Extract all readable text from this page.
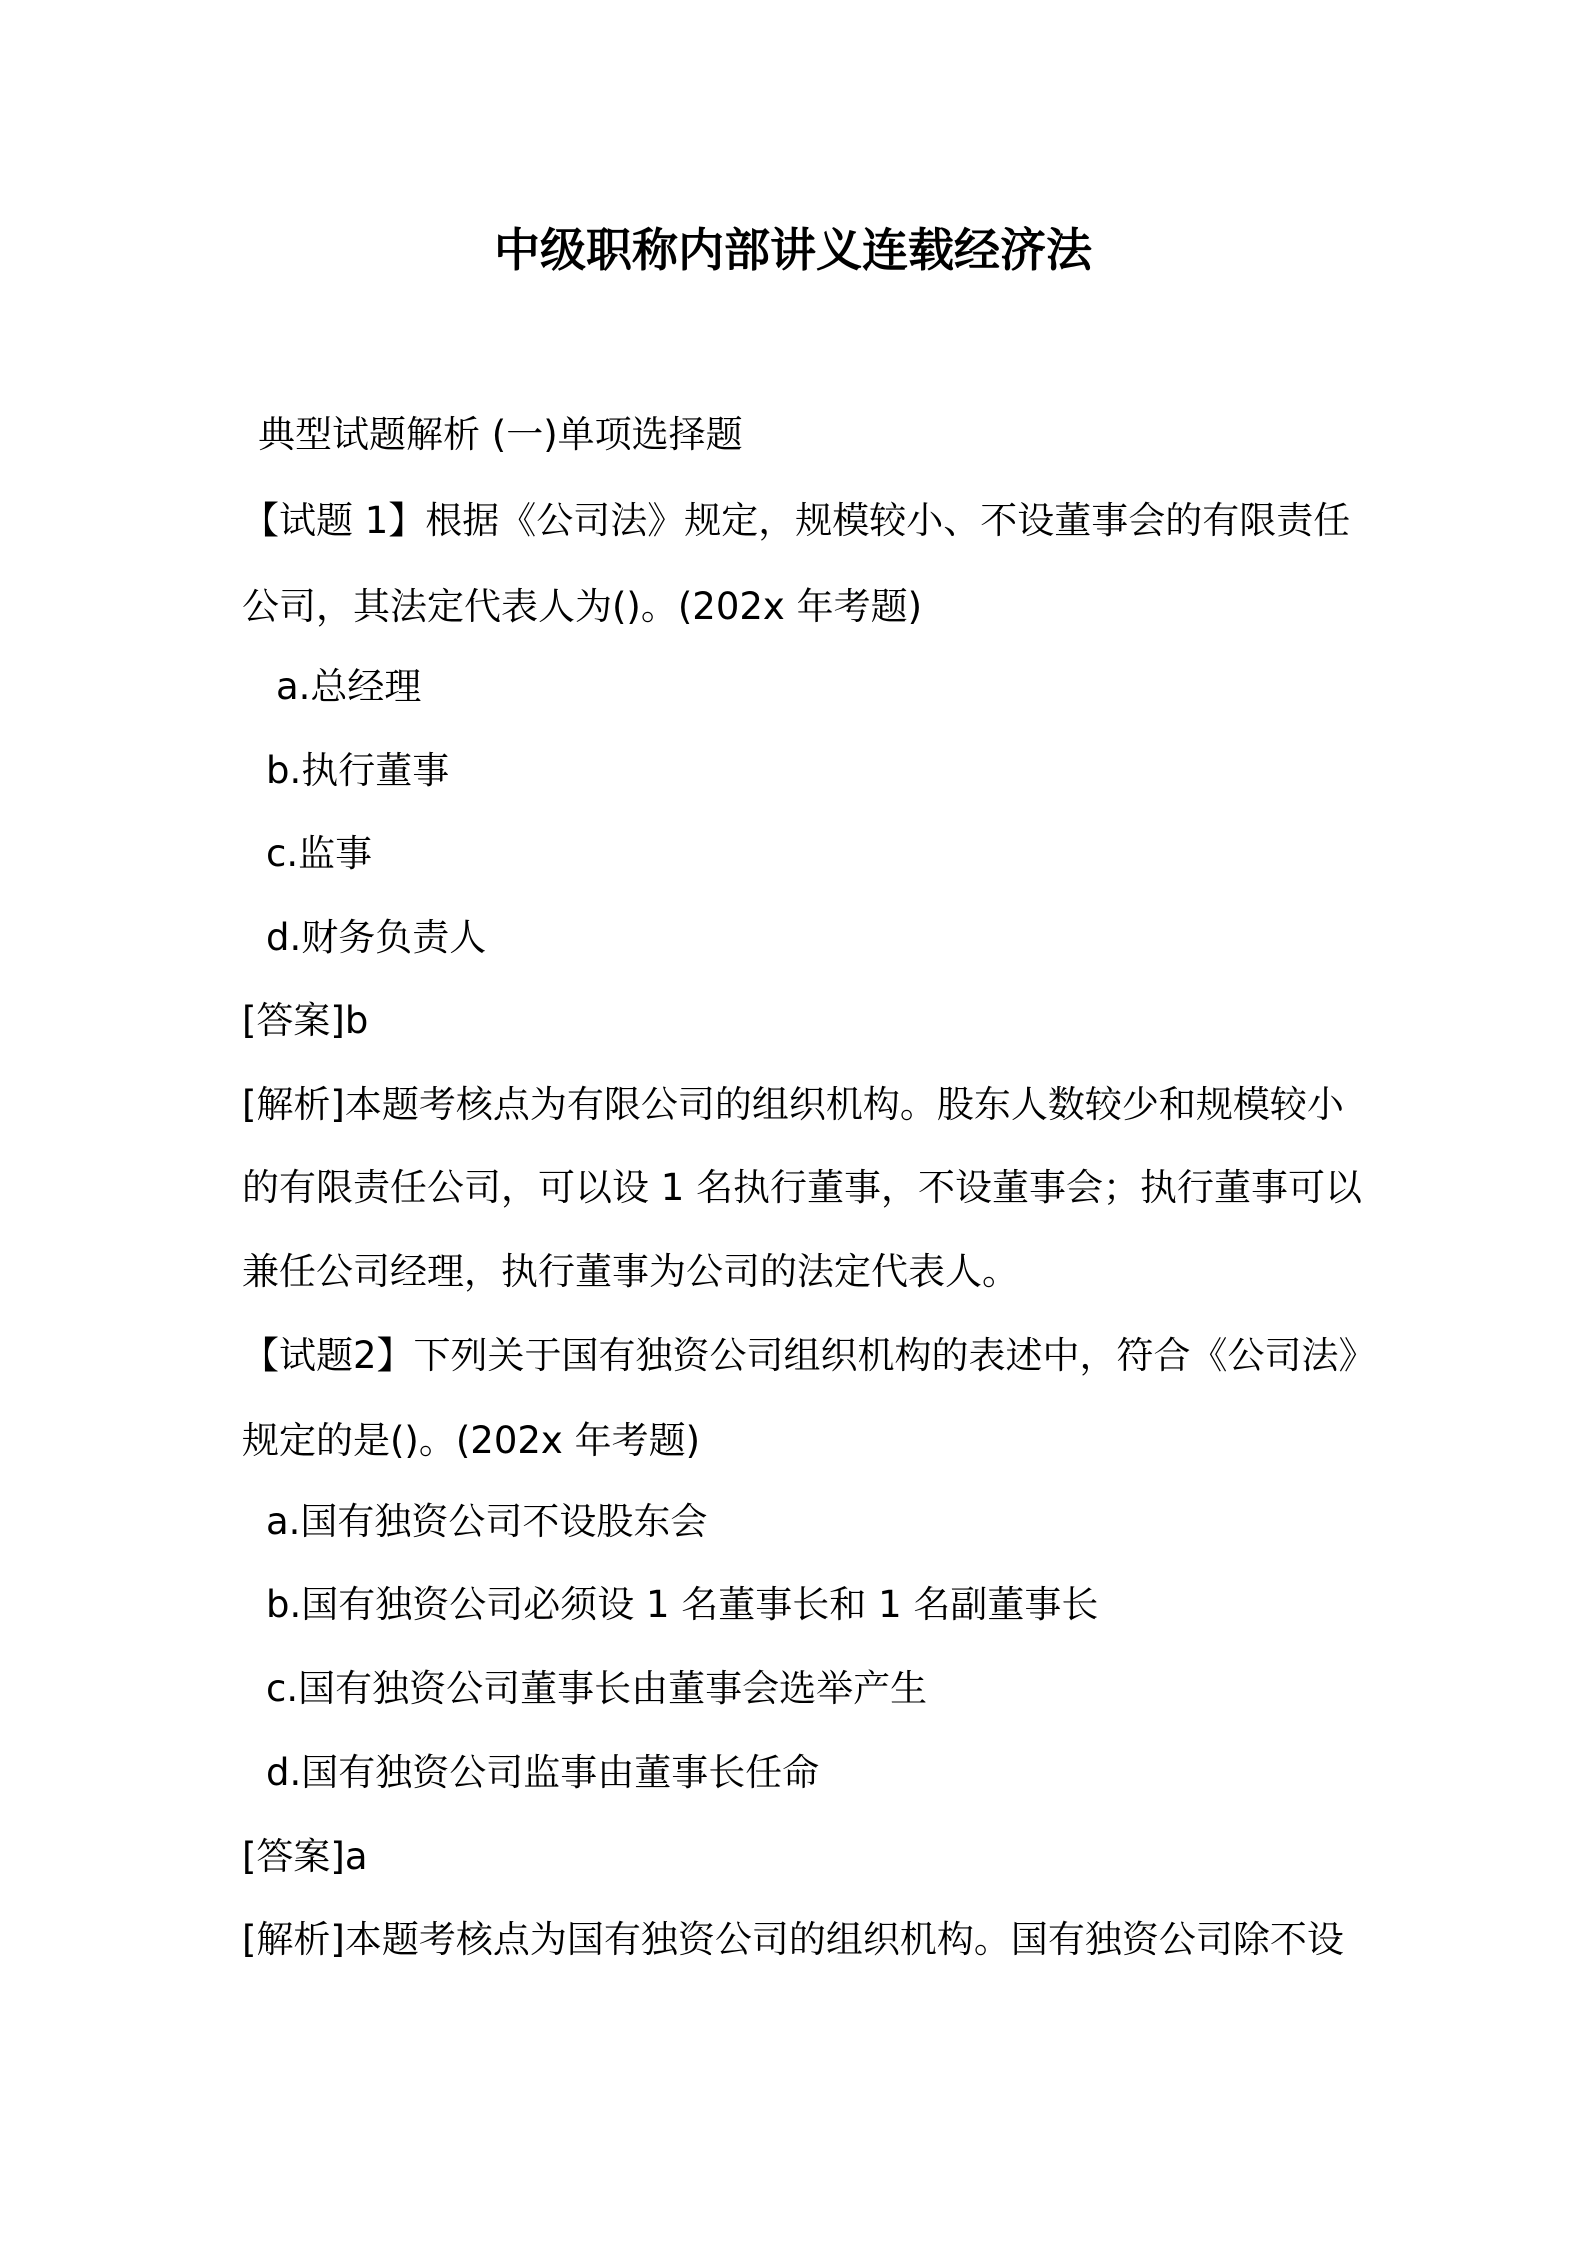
中级职称内部讲义连载经济法
典型试题解析 (一)单项选择题
【试题 1】根据《公司法》规定，规模较小、不设董事会的有限责任
公司，其法定代表人为()。(202x 年考题)
a.总经理
b.执行董事
c.监事
d.财务负责人
[答案]b
[解析]本题考核点为有限公司的组织机构。股东人数较少和规模较小
的有限责任公司，可以设 1 名执行董事，不设董事会；执行董事可以
兼任公司经理，执行董事为公司的法定代表人。
【试题2】下列关于国有独资公司组织机构的表述中，符合《公司法》
规定的是()。(202x 年考题)
a.国有独资公司不设股东会
b.国有独资公司必须设 1 名董事长和 1 名副董事长
c.国有独资公司董事长由董事会选举产生
d.国有独资公司监事由董事长任命
[答案]a
[解析]本题考核点为国有独资公司的组织机构。国有独资公司除不设
